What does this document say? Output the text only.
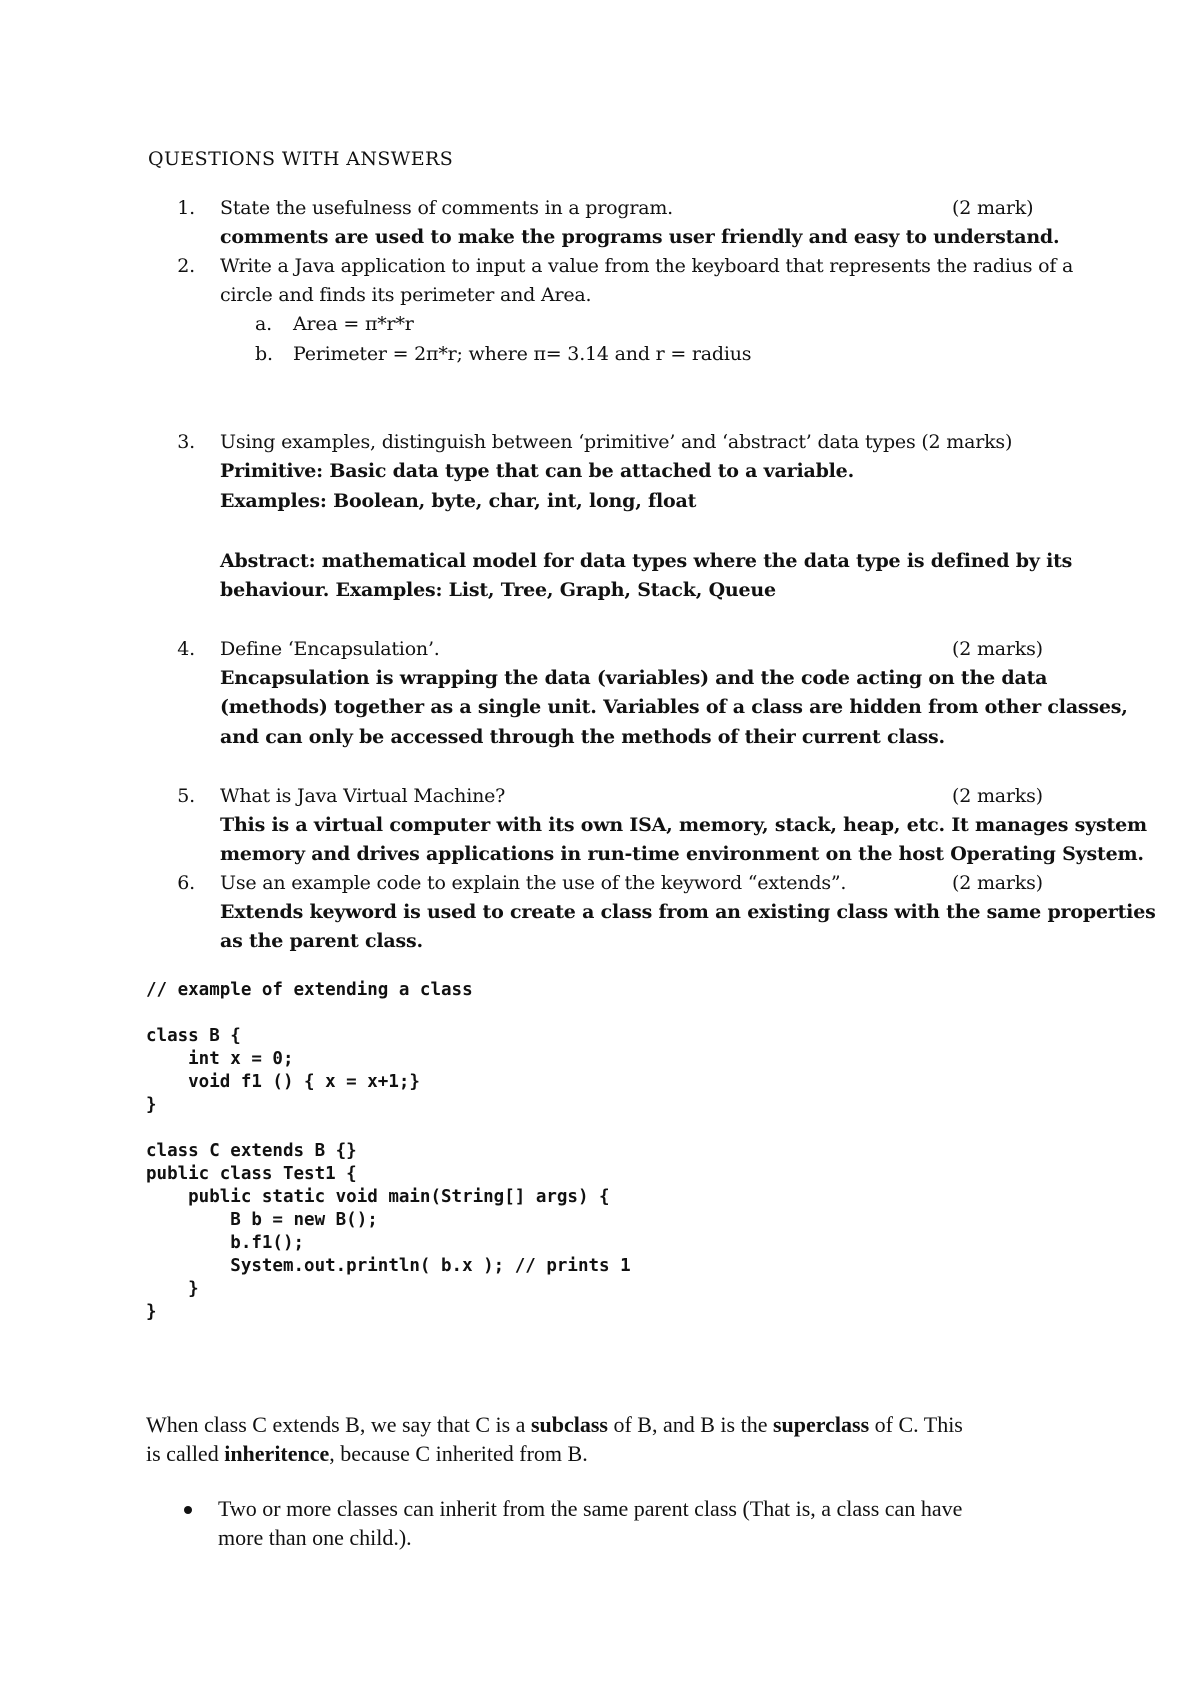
QUESTIONS WITH ANSWERS
1. State the usefulness of comments in a program.	(2 mark)
comments are used to make the programs user friendly and easy to understand.
2. Write a Java application to input a value from the keyboard that represents the radius of a
circle and finds its perimeter and Area.
a. Area = π*r*r
b. Perimeter = 2π*r; where π= 3.14 and r = radius
3. Using examples, distinguish between ‘primitive’ and ‘abstract’ data types (2 marks)
Primitive: Basic data type that can be attached to a variable.
Examples: Boolean, byte, char, int, long, float
Abstract: mathematical model for data types where the data type is defined by its
behaviour. Examples: List, Tree, Graph, Stack, Queue
4. Define ‘Encapsulation’.	(2 marks)
Encapsulation is wrapping the data (variables) and the code acting on the data
(methods) together as a single unit. Variables of a class are hidden from other classes,
and can only be accessed through the methods of their current class.
5. What is Java Virtual Machine?	(2 marks)
This is a virtual computer with its own ISA, memory, stack, heap, etc. It manages system
memory and drives applications in run-time environment on the host Operating System.
6. Use an example code to explain the use of the keyword “extends”.	(2 marks)
Extends keyword is used to create a class from an existing class with the same properties
as the parent class.
// example of extending a class
class B {
int x = 0;
void f1 () { x = x+1;}
}
class C extends B {}
public class Test1 {
public static void main(String[] args) {
B b = new B();
b.f1();
System.out.println( b.x ); // prints 1
}
}
When class C extends B, we say that C is a subclass of B, and B is the superclass of C. This
is called inheritence, because C inherited from B.
Two or more classes can inherit from the same parent class (That is, a class can have
more than one child.).
